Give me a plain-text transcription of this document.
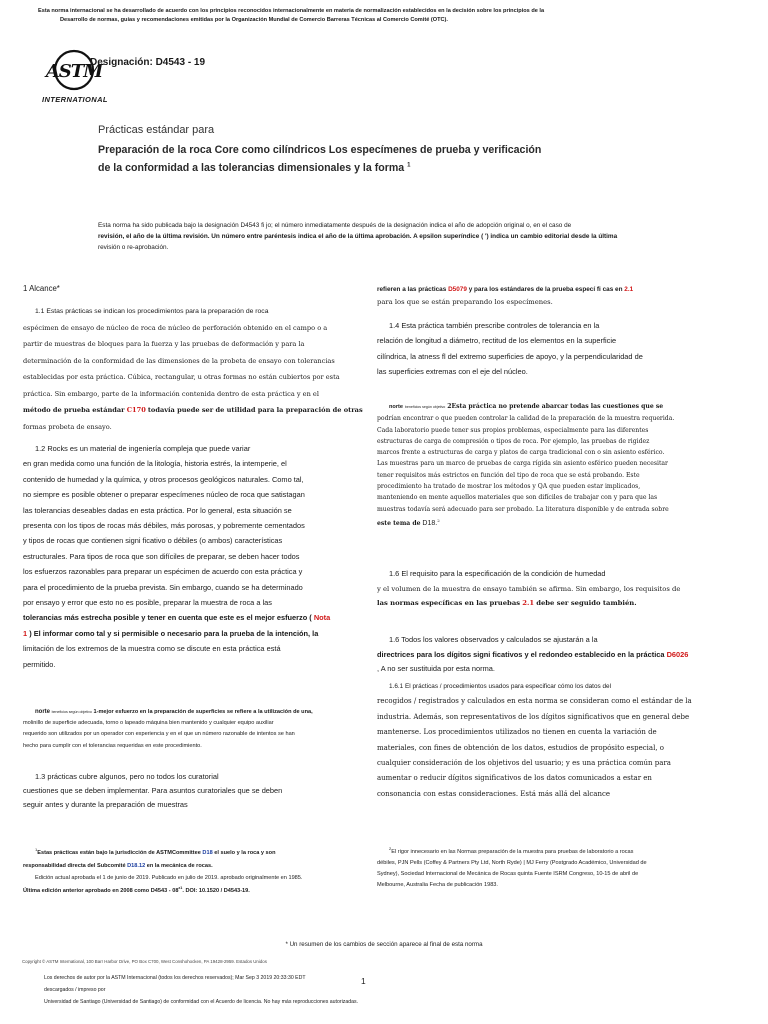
Esta norma internacional se ha desarrollado de acuerdo con los principios reconocidos internacionalmente en materia de normalización establecidos en la decisión sobre los principios de la
Desarrollo de normas, guías y recomendaciones emitidas por la Organización Mundial de Comercio Barreras Técnicas al Comercio Comité (OTC).
ASTM
INTERNATIONAL
Designación: D4543 - 19
Prácticas estándar para
Preparación de la roca Core como cilíndricos Los especímenes de prueba y verificación
de la conformidad a las tolerancias dimensionales y la forma $^1$
Esta norma ha sido publicada bajo la designación D4543 fi jo; el número inmediatamente después de la designación indica el año de adopción original o, en el caso de
revisión, el año de la última revisión. Un número entre paréntesis indica el año de la última aprobación. A epsilon superíndice ( ') indica un cambio editorial desde la última
revisión o re-aprobación.
1 Alcance*
1.1 Estas prácticas se indican los procedimientos para la preparación de roca
espécimen de ensayo de núcleo de roca de núcleo de perforación obtenido en el campo o a
partir de muestras de bloques para la fuerza y las pruebas de deformación y para la
determinación de la conformidad de las dimensiones de la probeta de ensayo con tolerancias
establecidas por esta práctica. Cúbica, rectangular, u otras formas no están cubiertos por esta
práctica. Sin embargo, parte de la información contenida dentro de esta práctica y en el
método de prueba estándar C170 todavía puede ser de utilidad para la preparación de otras
formas probeta de ensayo.
1.2 Rocks es un material de ingeniería compleja que puede variar
en gran medida como una función de la litología, historia estrés, la intemperie, el
contenido de humedad y la química, y otros procesos geológicos naturales. Como tal,
no siempre es posible obtener o preparar especímenes núcleo de roca que satistagan
las tolerancias deseables dadas en esta práctica. Por lo general, esta situación se
presenta con los tipos de rocas más débiles, más porosas, y pobremente cementados
y tipos de rocas que contienen signi ficativo o débiles (o ambos) características
estructurales. Para tipos de roca que son difíciles de preparar, se deben hacer todos
los esfuerzos razonables para preparar un espécimen de acuerdo con esta práctica y
para el procedimiento de la prueba prevista. Sin embargo, cuando se ha determinado
por ensayo y error que esto no es posible, preparar la muestra de roca a las
tolerancias más estrecha posible y tener en cuenta que este es el mejor esfuerzo ( Nota
1 ) El informar como tal y si permisible o necesario para la prueba de la intención, la
limitación de los extremos de la muestra como se discute en esta práctica está
permitido.
norte beneficios según objetivo 1-mejor esfuerzo en la preparación de superficies se refiere a la utilización de una,
molinillo de superficie adecuada, torno o lapeado máquina bien mantenido y cualquier equipo auxiliar
requerido son utilizados por un operador con experiencia y en el que un número razonable de intentos se han
hecho para cumplir con el tolerancias requeridas en este procedimiento.
1.3 prácticas cubre algunos, pero no todos los curatorial
cuestiones que se deben implementar. Para asuntos curatoriales que se deben
seguir antes y durante la preparación de muestras
$^1$Estas prácticas están bajo la jurisdicción de ASTMCommittee D18 el suelo y la roca y son
responsabilidad directa del Subcomité D18.12 en la mecánica de rocas.
Edición actual aprobada el 1 de junio de 2019. Publicado en julio de 2019. aprobado originalmente en 1985.
Última edición anterior aprobado en 2008 como $D4543 - 08^{\varepsilon 1}$. DOI: 10.1520 / D4543-19.
refieren a las prácticas D5079 y para los estándares de la prueba especí fi cas en 2.1
para los que se están preparando los especímenes.
1.4 Esta práctica también prescribe controles de tolerancia en la
relación de longitud a diámetro, rectitud de los elementos en la superficie
cilíndrica, la atness fl del extremo superficies de apoyo, y la perpendicularidad de
las superficies extremas con el eje del núcleo.
norte beneficios según objetivo 2Esta práctica no pretende abarcar todas las cuestiones que se
podrían encontrar o que pueden controlar la calidad de la preparación de la muestra requerida.
Cada laboratorio puede tener sus propios problemas, especialmente para las diferentes
estructuras de carga de compresión o tipos de roca. Por ejemplo, las pruebas de rigidez
marcos frente a estructuras de carga y platos de carga tradicional con o sin asiento esférico.
Las muestras para un marco de pruebas de carga rígida sin asiento esférico pueden necesitar
tener requisitos más estrictos en función del tipo de roca que se está probando. Este
procedimiento ha tratado de mostrar los métodos y QA que pueden estar implicados,
manteniendo en mente aquellos materiales que son difíciles de trabajar con y para que las
muestras todavía será adecuado para ser probado. La literatura disponible y de entrada sobre
este tema de D18.$^2$
1.6 El requisito para la especificación de la condición de humedad
y el volumen de la muestra de ensayo también se afirma. Sin embargo, los requisitos de
las normas específicas en las pruebas 2.1 debe ser seguido también.
1.6 Todos los valores observados y calculados se ajustarán a la
directrices para los dígitos signi ficativos y el redondeo establecido en la práctica D6026
, A no ser sustituida por esta norma.
1.6.1 El prácticas / procedimientos usados para especificar cómo los datos del
recogidos / registrados y calculados en esta norma se consideran como el estándar de la
industria. Además, son representativos de los dígitos significativos que en general debe
mantenerse. Los procedimientos utilizados no tienen en cuenta la variación de
materiales, con fines de obtención de los datos, estudios de propósito especial, o
cualquier consideración de los objetivos del usuario; y es una práctica común para
aumentar o reducir dígitos significativos de los datos comunicados a estar en
consonancia con estas consideraciones. Está más allá del alcance
$^2$El rigor innecesario en las Normas preparación de la muestra para pruebas de laboratorio a rocas
débiles, PJN Pells (Coffey & Partners Pty Ltd, North Ryde) | MJ Ferry (Postgrado Académico, Universidad de
Sydney), Sociedad Internacional de Mecánica de Rocas quinta Fuente ISRM Congreso, 10-15 de abril de
Melbourne, Australia Fecha de publicación 1983.
* Un resumen de los cambios de sección aparece al final de esta norma
Copyright © ASTM International, 100 Barr Harbor Drive, PO Box C700, West Conshohocken, PA 19428-2959. Estados Unidos
Los derechos de autor por la ASTM Internacional (todos los derechos reservados); Mar Sep 3 2019 20:33:30 EDT
descargados / impreso por
Universidad de Santiago (Universidad de Santiago) de conformidad con el Acuerdo de licencia. No hay más reproducciones autorizadas.
1
